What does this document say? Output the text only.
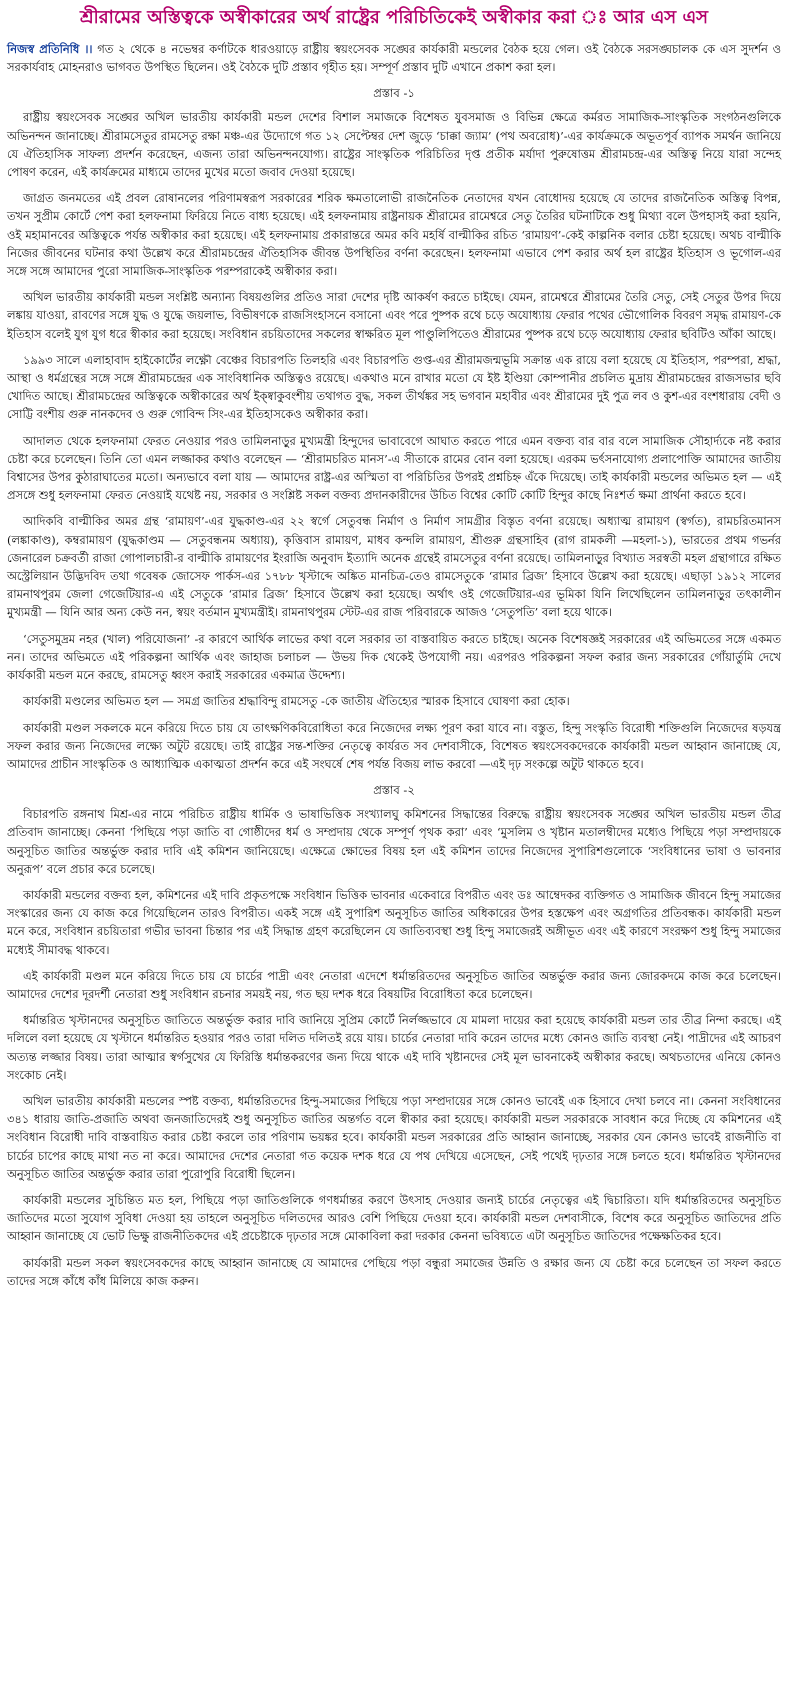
শ্রীরামের অস্তিত্বকে অস্বীকারের অর্থ রাষ্ট্রের পরিচিতিকেই অস্বীকার করা ঃ আর এস এস

নিজস্ব প্রতিনিধি ।। গত ২ থেকে ৪ নভেম্বর কর্ণাটকে ধারওয়াড়ে রাষ্ট্রীয় স্বয়ংসেবক সঙ্ঘের কার্যকারী মন্ডলের বৈঠক হয়ে গেল। ওই বৈঠকে সরসঙ্ঘচালক কে এস সুদর্শন ও সরকার্যবাহ মোহনরাও ভাগবত উপস্থিত ছিলেন। ওই বৈঠকে দুটি প্রস্তাব গৃহীত হয়। সম্পূর্ণ প্রস্তাব দুটি এখানে প্রকাশ করা হল।

প্রস্তাব -১

রাষ্ট্রীয় স্বয়ংসেবক সঙ্ঘের অখিল ভারতীয় কার্যকারী মন্ডল দেশের বিশাল সমাজকে বিশেষত যুবসমাজ ও বিভিন্ন ক্ষেত্রে কর্মরত সামাজিক-সাংস্কৃতিক সংগঠনগুলিকে অভিনন্দন জানাচ্ছে। শ্রীরামসেতুর রামসেতু রক্ষা মঞ্চ-এর উদ্যোগে গত ১২ সেপ্টেম্বর দেশ জুড়ে ‘চাক্কা জ্যাম’ (পথ অবরোধ)’-এর কার্যক্রমকে অভূতপূর্ব ব্যাপক সমর্থন জানিয়ে যে ঐতিহাসিক সাফল্য প্রদর্শন করেছেন, এজন্য তারা অভিনন্দনযোগ্য। রাষ্ট্রের সাংস্কৃতিক পরিচিতির দৃপ্ত প্রতীক মর্যাদা পুরুষোত্তম শ্রীরামচন্দ্র-এর অস্তিত্ব নিয়ে যারা সন্দেহ পোষণ করেন, এই কার্যক্রমের মাধ্যমে তাদের মুখের মতো জবাব দেওয়া হয়েছে।

জাগ্রত জনমতের এই প্রবল রোষানলের পরিণামস্বরূপ সরকারের শরিক ক্ষমতালোভী রাজনৈতিক নেতাদের যখন বোধোদয় হয়েছে যে তাদের রাজনৈতিক অস্তিত্ব বিপন্ন, তখন সুপ্রীম কোর্টে পেশ করা হলফনামা ফিরিয়ে নিতে বাধ্য হয়েছে। এই হলফনামায় রাষ্ট্রনায়ক শ্রীরামের রামেশ্বরে সেতু তৈরির ঘটনাটিকে শুধু মিথ্যা বলে উপহাসই করা হয়নি, ওই মহামানবের অস্তিত্বকে পর্যন্ত অস্বীকার করা হয়েছে। এই হলফনামায় প্রকারান্তরে অমর কবি মহর্ষি বাল্মীকির রচিত ‘রামায়ণ’-কেই কাল্পনিক বলার চেষ্টা হয়েছে। অথচ বাল্মীকি নিজের জীবনের ঘটনার কথা উল্লেখ করে শ্রীরামচন্দ্রের ঐতিহাসিক জীবন্ত উপস্থিতির বর্ণনা করেছেন। হলফনামা এভাবে পেশ করার অর্থ হল রাষ্ট্রের ইতিহাস ও ভূগোল-এর সঙ্গে সঙ্গে আমাদের পুরো সামাজিক-সাংস্কৃতিক পরম্পরাকেই অস্বীকার করা।

অখিল ভারতীয় কার্যকারী মন্ডল সংশ্লিষ্ট অন্যান্য বিষয়গুলির প্রতিও সারা দেশের দৃষ্টি আকর্ষণ করতে চাইছে। যেমন, রামেশ্বরে শ্রীরামের তৈরি সেতু, সেই সেতুর উপর দিয়ে লঙ্কায় যাওয়া, রাবণের সঙ্গে যুদ্ধ ও যুদ্ধে জয়লাভ, বিভীষণকে রাজসিংহাসনে বসানো এবং পরে পুষ্পক রথে চড়ে অযোধ্যায় ফেরার পথের ভৌগোলিক বিবরণ সমৃদ্ধ রামায়ণ-কে ইতিহাস বলেই যুগ যুগ ধরে স্বীকার করা হয়েছে। সংবিধান রচয়িতাদের সকলের স্বাক্ষরিত মূল পাণ্ডুলিপিতেও শ্রীরামের পুষ্পক রথে চড়ে অযোধ্যায় ফেরার ছবিটিও আঁকা আছে।

১৯৯৩ সালে এলাহাবাদ হাইকোর্টের লক্ষ্ণৌ বেঞ্চের বিচারপতি তিলহরি এবং বিচারপতি গুপ্ত-এর শ্রীরামজন্মভূমি সক্রান্ত এক রায়ে বলা হয়েছে যে ইতিহাস, পরম্পরা, শ্রদ্ধা, আস্থা ও ধর্মগ্রন্থের সঙ্গে সঙ্গে শ্রীরামচন্দ্রের এক সাংবিধানিক অস্তিত্বও রয়েছে। একথাও মনে রাখার মতো যে ইষ্ট ইণ্ডিয়া কোম্পানীর প্রচলিত মুদ্রায় শ্রীরামচন্দ্রের রাজসভার ছবি খোদিত আছে। শ্রীরামচন্দ্রের অস্তিত্বকে অস্বীকারের অর্থ ইক্ষ্বাকুবংশীয় তথাগত বুদ্ধ, সকল তীর্থঙ্কর সহ ভগবান মহাবীর এবং শ্রীরামের দুই পুত্র লব ও কুশ-এর বংশধারায় বেদী ও সোট্টি বংশীয় গুরু নানকদেব ও গুরু গোবিন্দ সিং-এর ইতিহাসকেও অস্বীকার করা।

আদালত থেকে হলফনামা ফেরত নেওয়ার পরও তামিলনাড়ুর মুখ্যমন্ত্রী হিন্দুদের ভাবাবেগে আঘাত করতে পারে এমন বক্তব্য বার বার বলে সামাজিক সৌহার্দ্যকে নষ্ট করার চেষ্টা করে চলেছেন। তিনি তো এমন লজ্জাকর কথাও বলেছেন — ‘শ্রীরামচরিত মানস’-এ সীতাকে রামের বোন বলা হয়েছে। এরকম ভর্ৎসনাযোগ্য প্রলাপোক্তি আমাদের জাতীয় বিশ্বাসের উপর কুঠারাঘাতের মতো। অন্যভাবে বলা যায় — আমাদের রাষ্ট্র-এর অস্মিতা বা পরিচিতির উপরই প্রশ্নচিহ্ন এঁকে দিয়েছে। তাই কার্যকারী মন্ডলের অভিমত হল — এই প্রসঙ্গে শুধু হলফনামা ফেরত নেওয়াই যথেষ্ট নয়, সরকার ও সংশ্লিষ্ট সকল বক্তব্য প্রদানকারীদের উচিত বিশ্বের কোটি কোটি হিন্দুর কাছে নিঃশর্ত ক্ষমা প্রার্থনা করতে হবে।

আদিকবি বাল্মীকির অমর গ্রন্থ ‘রামায়ণ’-এর যুদ্ধকাণ্ড-এর ২২ স্বর্গে সেতুবন্ধ নির্মাণ ও নির্মাণ সামগ্রীর বিস্তৃত বর্ণনা রয়েছে। অধ্যাত্ম রামায়ণ (স্বর্গত), রামচরিতমানস (লঙ্কাকাণ্ড), কম্বরামায়ণ (যুদ্ধকাণ্ডম — সেতুবন্ধনম অধ্যায়), কৃত্তিবাস রামায়ণ, মাধব কন্দলি রামায়ণ, শ্রীগুরু গ্রন্থসাহিব (রাগ রামকলী —মহলা-১), ভারতের প্রথম গভর্নর জেনারেল চক্রবর্তী রাজা গোপালচারী-র বাল্মীকি রামায়ণের ইংরাজি অনুবাদ ইত্যাদি অনেক গ্রন্থেই রামসেতুর বর্ণনা রয়েছে। তামিলনাড়ুর বিখ্যাত সরস্বতী মহল গ্রন্থাগারে রক্ষিত অস্ট্রেলিয়ান উদ্ভিদবিদ তথা গবেষক জোসেফ পার্কস-এর ১৭৮৮ খৃস্টাব্দে অঙ্কিত মানচিত্র-তেও রামসেতুকে ‘রামার ব্রিজ’ হিসাবে উল্লেখ করা হয়েছে। এছাড়া ১৯১২ সালের রামনাথপুরম জেলা গেজেটিয়ার-এ এই সেতুকে ‘রামার ব্রিজ’ হিসাবে উল্লেখ করা হয়েছে। অর্থাৎ ওই গেজেটিয়ার-এর ভূমিকা যিনি লিখেছিলেন তামিলনাড়ুর তৎকালীন মুখ্যমন্ত্রী — যিনি আর অন্য কেউ নন, স্বয়ং বর্তমান মুখ্যমন্ত্রীই। রামনাথপুরম স্টেট-এর রাজ পরিবারকে আজও ‘সেতুপতি’ বলা হয়ে থাকে।

‘সেতুসমুদ্রম নহর (খাল) পরিযোজনা’ -র কারণে আর্থিক লাভের কথা বলে সরকার তা বাস্তবায়িত করতে চাইছে। অনেক বিশেষজ্ঞই সরকারের এই অভিমতের সঙ্গে একমত নন। তাদের অভিমতে এই পরিকল্পনা আর্থিক এবং জাহাজ চলাচল — উভয় দিক থেকেই উপযোগী নয়। এরপরও পরিকল্পনা সফল করার জন্য সরকারের গোঁয়ার্তুমি দেখে কার্যকারী মন্ডল মনে করছে, রামসেতু ধ্বংস করাই সরকারের একমাত্র উদ্দেশ্য।

কার্যকারী মণ্ডলের অভিমত হল — সমগ্র জাতির শ্রদ্ধাবিন্দু রামসেতু -কে জাতীয় ঐতিহ্যের স্মারক হিসাবে ঘোষণা করা হোক।

কার্যকারী মণ্ডল সকলকে মনে করিয়ে দিতে চায় যে তাৎক্ষণিকবিরোধিতা করে নিজেদের লক্ষ্য পূরণ করা যাবে না। বস্তুত, হিন্দু সংস্কৃতি বিরোধী শক্তিগুলি নিজেদের ষড়যন্ত্র সফল করার জন্য নিজেদের লক্ষ্যে অটুট রয়েছে। তাই রাষ্ট্রের সন্ত-শক্তির নেতৃত্বে কার্যরত সব দেশবাসীকে, বিশেষত স্বয়ংসেবকদেরকে কার্যকারী মন্ডল আহ্বান জানাচ্ছে যে, আমাদের প্রাচীন সাংস্কৃতিক ও আধ্যাত্মিক একাত্মতা প্রদর্শন করে এই সংঘর্ষে শেষ পর্যন্ত বিজয় লাভ করবো —এই দৃঢ় সংকল্পে অটুট থাকতে হবে।

প্রস্তাব -২

বিচারপতি রঙ্গনাথ মিশ্র-এর নামে পরিচিত রাষ্ট্রীয় ধার্মিক ও ভাষাভিত্তিক সংখ্যালঘু কমিশনের সিদ্ধান্তের বিরুদ্ধে রাষ্ট্রীয় স্বয়ংসেবক সঙ্ঘের অখিল ভারতীয় মন্ডল তীব্র প্রতিবাদ জানাচ্ছে। কেননা ‘পিছিয়ে পড়া জাতি বা গোষ্ঠীদের ধর্ম ও সম্প্রদায় থেকে সম্পূর্ণ পৃথক করা’ এবং ‘মুসলিম ও খৃষ্টান মতালম্বীদের মধ্যেও পিছিয়ে পড়া সম্প্রদায়কে অনুসূচিত জাতির অন্তর্ভুক্ত করার দাবি এই কমিশন জানিয়েছে। এক্ষেত্রে ক্ষোভের বিষয় হল এই কমিশন তাদের নিজেদের সুপারিশগুলোকে ‘সংবিধানের ভাষা ও ভাবনার অনুরূপ’ বলে প্রচার করে চলেছে।

কার্যকারী মন্ডলের বক্তব্য হল, কমিশনের এই দাবি প্রকৃতপক্ষে সংবিধান ভিত্তিক ভাবনার একেবারে বিপরীত এবং ডঃ আম্বেদকর ব্যক্তিগত ও সামাজিক জীবনে হিন্দু সমাজের সংস্কারের জন্য যে কাজ করে গিয়েছিলেন তারও বিপরীত। একই সঙ্গে এই সুপারিশ অনুসূচিত জাতির অধিকারের উপর হস্তক্ষেপ এবং অগ্রগতির প্রতিবন্ধক। কার্যকারী মন্ডল মনে করে, সংবিধান রচয়িতারা গভীর ভাবনা চিন্তার পর এই সিদ্ধান্ত গ্রহণ করেছিলেন যে জাতিব্যবস্থা শুধু হিন্দু সমাজেরই অঙ্গীভূত এবং এই কারণে সংরক্ষণ শুধু হিন্দু সমাজের মধ্যেই সীমাবদ্ধ থাকবে।

এই কার্যকারী মণ্ডল মনে করিয়ে দিতে চায় যে চার্চের পাদ্রী এবং নেতারা এদেশে ধর্মান্তরিতদের অনুসূচিত জাতির অন্তর্ভুক্ত করার জন্য জোরকদমে কাজ করে চলেছেন। আমাদের দেশের দূরদর্শী নেতারা শুধু সংবিধান রচনার সময়ই নয়, গত ছয় দশক ধরে বিষয়টির বিরোধিতা করে চলেছেন।

ধর্মান্তরিত খৃস্টানদের অনুসূচিত জাতিতে অন্তর্ভুক্ত করার দাবি জানিয়ে সুপ্রিম কোর্টে নির্লজ্জভাবে যে মামলা দায়ের করা হয়েছে কার্যকারী মন্ডল তার তীব্র নিন্দা করছে। এই দলিলে বলা হয়েছে যে খৃস্টানে ধর্মান্তরিত হওয়ার পরও তারা দলিত দলিতই রয়ে যায়। চার্চের নেতারা দাবি করেন তাদের মধ্যে কোনও জাতি ব্যবস্থা নেই। পাদ্রীদের এই আচরণ অত্যন্ত লজ্জার বিষয়। তারা আত্মার স্বর্গসুখের যে ফিরিস্তি ধর্মান্তকরণের জন্য দিয়ে থাকে এই দাবি খৃষ্টানদের সেই মূল ভাবনাকেই অস্বীকার করছে। অথচতাদের এনিয়ে কোনও সংকোচ নেই।

অখিল ভারতীয় কার্যকারী মন্ডলের স্পষ্ট বক্তব্য, ধর্মান্তরিতদের হিন্দু-সমাজের পিছিয়ে পড়া সম্প্রদায়ের সঙ্গে কোনও ভাবেই এক হিসাবে দেখা চলবে না। কেননা সংবিধানের ৩৪১ ধারায় জাতি-প্রজাতি অথবা জনজাতিদেরই শুধু অনুসূচিত জাতির অন্তর্গত বলে স্বীকার করা হয়েছে। কার্যকারী মন্ডল সরকারকে সাবধান করে দিচ্ছে যে কমিশনের এই সংবিধান বিরোধী দাবি বাস্তবায়িত করার চেষ্টা করলে তার পরিণাম ভয়ঙ্কর হবে। কার্যকারী মন্ডল সরকারের প্রতি আহ্বান জানাচ্ছে, সরকার যেন কোনও ভাবেই রাজনীতি বা চার্চের চাপের কাছে মাথা নত না করে। আমাদের দেশের নেতারা গত কয়েক দশক ধরে যে পথ দেখিয়ে এসেছেন, সেই পথেই দৃঢ়তার সঙ্গে চলতে হবে। ধর্মান্তরিত খৃস্টানদের অনুসূচিত জাতির অন্তর্ভুক্ত করার তারা পুরোপুরি বিরোধী ছিলেন।

কার্যকারী মন্ডলের সুচিন্তিত মত হল, পিছিয়ে পড়া জাতিগুলিকে গণধর্মান্তর করণে উৎসাহ দেওয়ার জন্যই চার্চের নেতৃত্বের এই দ্বিচারিতা। যদি ধর্মান্তরিতদের অনুসূচিত জাতিদের মতো সুযোগ সুবিধা দেওয়া হয় তাহলে অনুসূচিত দলিতদের আরও বেশি পিছিয়ে দেওয়া হবে। কার্যকারী মন্ডল দেশবাসীকে, বিশেষ করে অনুসূচিত জাতিদের প্রতি আহ্বান জানাচ্ছে যে ভোট ভিক্ষু রাজনীতিকদের এই প্রচেষ্টাকে দৃঢ়তার সঙ্গে মোকাবিলা করা দরকার কেননা ভবিষ্যতে এটা অনুসূচিত জাতিদের পক্ষেক্ষতিকর হবে।

কার্যকারী মন্ডল সকল স্বয়ংসেবকদের কাছে আহ্বান জানাচ্ছে যে আমাদের পেছিয়ে পড়া বন্ধুরা সমাজের উন্নতি ও রক্ষার জন্য যে চেষ্টা করে চলেছেন তা সফল করতে তাদের সঙ্গে কাঁধে কাঁধ মিলিয়ে কাজ করুন।
